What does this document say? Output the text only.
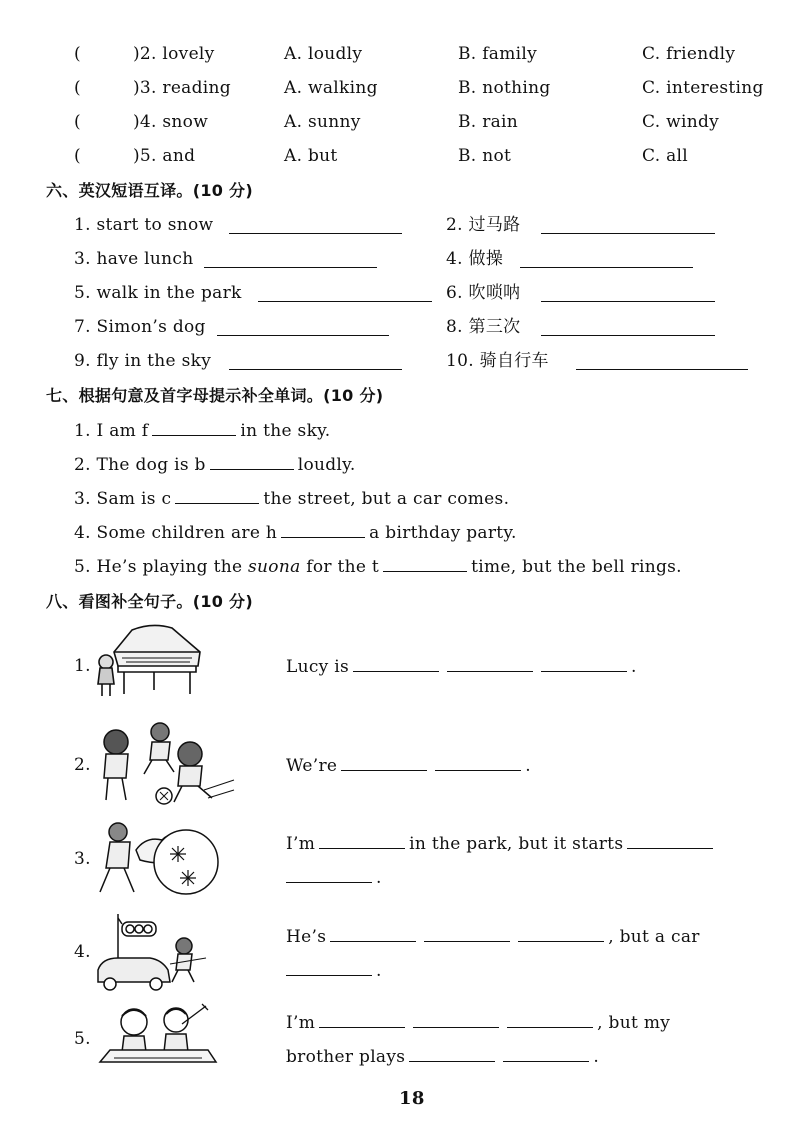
(	)2. lovely	A. loudly	B. family	C. friendly
(	)3. reading	A. walking	B. nothing	C. interesting
(	)4. snow	A. sunny	B. rain	C. windy
(	)5. and	A. but	B. not	C. all
六、英汉短语互译。(10 分)
1. start to snow	2. 过马路
3. have lunch	4. 做操
5. walk in the park	6. 吹唢呐
7. Simon’s dog	8. 第三次
9. fly in the sky	10. 骑自行车
七、根据句意及首字母提示补全单词。(10 分)
1. I am f	in the sky.
2. The dog is b	loudly.
3. Sam is c	the street, but a car comes.
4. Some children are h	a birthday party.
5. He’s playing the suona for the t	time, but the bell rings.
八、看图补全句子。(10 分)
1.	Lucy is	.
2.	We’re	.
3.
I’m	in the park, but it starts
.
4.
He’s	, but a car
.
5.
I’m	, but my
brother plays	.
18
